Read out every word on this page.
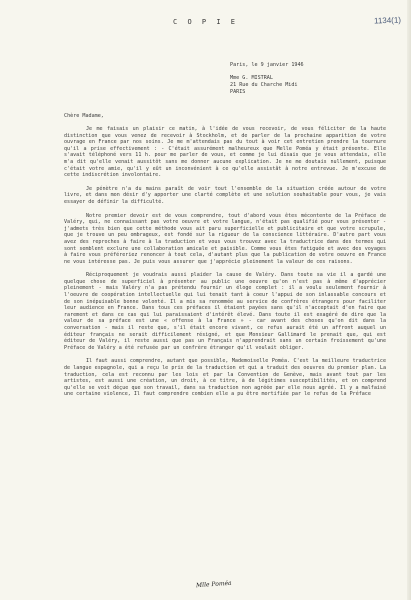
C O P I E	1134(1)
Paris, le 9 janvier 1946
Mme G. MISTRAL
21 Rue du Charche Midi
PARIS
Chère Madame,

Je me faisais un plaisir ce matin, à l'idée de vous recevoir, de vous féliciter de la haute distinction que vous venez de recevoir à Stockholm, et de parler de la prochaine apparition de votre ouvrage en France par nos soins. Je me m'attendais pas du tout à voir cet entretien prendre la tournure qu'il a prise effectivement : - C'était assurément malheureux que Melle Poméa y était présente. Elle s'avait téléphoné vers 11 h. pour me parler de vous, et comme je lui disais que je vous attendais, elle m'a dit qu'elle venait aussitôt sans me donner aucune explication. Je ne me doutais nullement, puisque c'était votre amie, qu'il y eût un inconvénient à ce qu'elle assistât à notre entrevue. Je m'excuse de cette indiscrétion involontaire.

Je pénètre n'a du mains paraît de voir tout l'ensemble de la situation créée autour de votre livre, et dans mon désir d'y apporter une clarté complète et une solution souhaitable pour vous, je vais essayer de définir la difficulté.

Notre premier devoir est de vous comprendre, tout d'abord vous êtes mécontente de la Préface de Valéry, qui, ne connaissant pas votre oeuvre et votre langue, n'était pas qualifié pour vous présenter - j'admets très bien que cette méthode vous ait paru superficielle et publicitaire et que votre scrupule, que je trouve un peu ombrageux, est fondé sur la rigueur de la conscience littéraire. D'autre part vous avez des reproches à faire à la traduction et vous vous trouvez avec la traductrice dans des termes qui sont semblent exclure une collaboration amicale et paisible. Comme vous êtes fatiguée et avec des voyages à faire vous préféreriez renoncer à tout cela, d'autant plus que la publication de votre oeuvre en France ne vous intéresse pas. Je puis vous assurer que j'apprécie pleinement la valeur de ces raisons.

Réciproquement je voudrais aussi plaider la cause de Valéry. Dans toute sa vie il a gardé une quelque chose de superficiel à présenter au public une oeuvre qu'on n'est pas à même d'apprécier pleinement - mais Valéry n'a pas prétendu fournir un éloge complet : il a voulu seulement fournir à l'oeuvre de coopération intellectuelle qui lui tenait tant à coeur l'appui de son inlassable concours et de son inépuisable bonne volonté. Il a mis sa renommée au service de confrères étrangers pour faciliter leur audience en France. Dans tous ces préfaces il étaient payées sans qu'il n'acceptait d'en faire que rarement et dans ce cas qui lui paraissaient d'intérêt élevé. Dans toute il est exagéré de dire que la valeur de sa préface est une « offense à la France » - car avant des choses qu'on dit dans la conversation - mais il reste que, s'il était encore vivant, ce refus aurait été un affront auquel un éditeur français ne serait difficilement résigné, et que Monsieur Gallimard le prenait que, qui est éditeur de Valéry, il reste aussi que pas un Français n'apprendrait sans un certain froissement qu'une Préface de Valéry a été refusée par un confrère étranger qu'il voulait obliger.

Il faut aussi comprendre, autant que possible, Mademoiselle Poméa. C'est la meilleure traductrice de langue espagnole, qui a reçu le prix de la traduction et qui a traduit des oeuvres du premier plan. La traduction, cela est reconnu par les lois et par la Convention de Genève, mais avant tout par les artistes, est aussi une création, un droit, à ce titre, à de légitimes susceptibilités, et on comprend qu'elle se voit déçue que son travail, dans sa traduction non agréée par elle nous agréé. Il y a malfaisé une certaine violence, Il faut comprendre combien elle a pu être mortifiée par le refus de la Préface

Mlle Poméa
